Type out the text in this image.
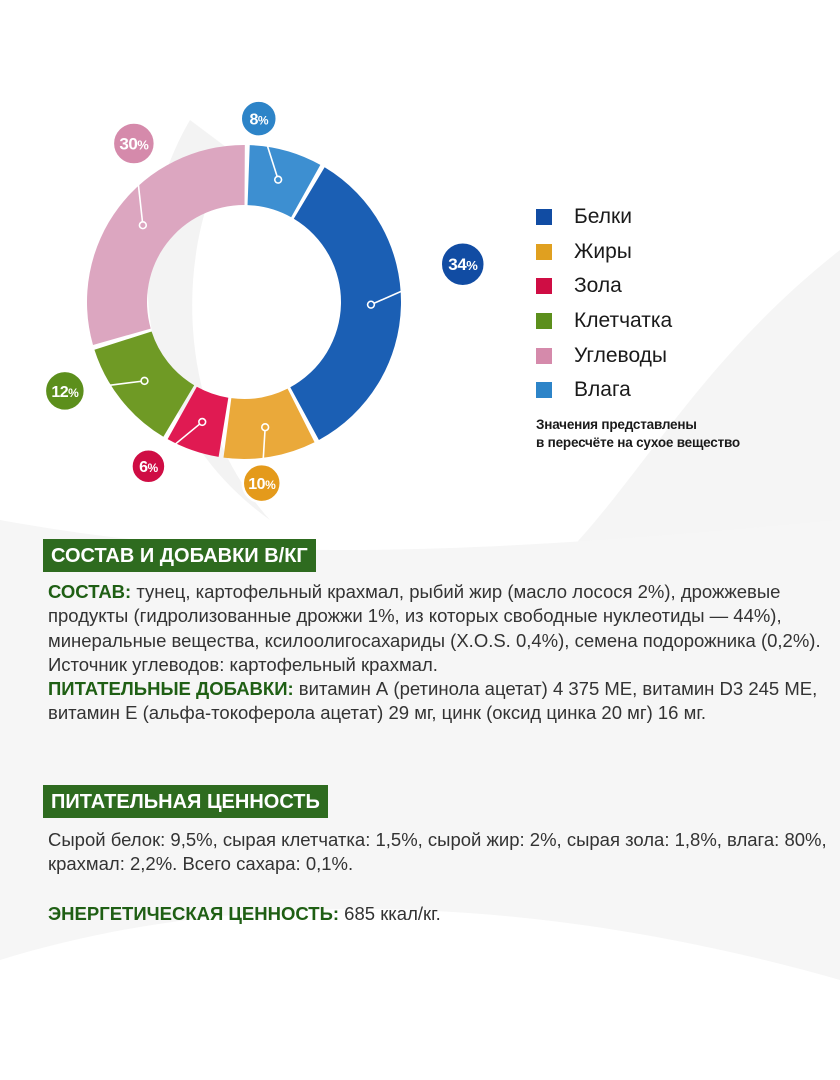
34%
10%
6%
12%
30%
8%
Белки
Жиры
Зола
Клетчатка
Углеводы
Влага
Значения представлены
в пересчёте на сухое вещество
СОСТАВ И ДОБАВКИ В/КГ

СОСТАВ: тунец, картофельный крахмал, рыбий жир (масло лосося 2%), дрожжевые продукты (гидролизованные дрожжи 1%, из которых свободные нуклеотиды — 44%), минеральные вещества, ксилоолигосахариды (X.O.S. 0,4%), семена подорожника (0,2%). Источник углеводов: картофельный крахмал.

ПИТАТЕЛЬНЫЕ ДОБАВКИ: витамин А (ретинола ацетат) 4 375 МЕ, витамин D3 245 МЕ, витамин Е (альфа-токоферола ацетат) 29 мг, цинк (оксид цинка 20 мг) 16 мг.

ПИТАТЕЛЬНАЯ ЦЕННОСТЬ

Сырой белок: 9,5%, сырая клетчатка: 1,5%, сырой жир: 2%, сырая зола: 1,8%, влага: 80%, крахмал: 2,2%. Всего сахара: 0,1%.

ЭНЕРГЕТИЧЕСКАЯ ЦЕННОСТЬ: 685 ккал/кг.
